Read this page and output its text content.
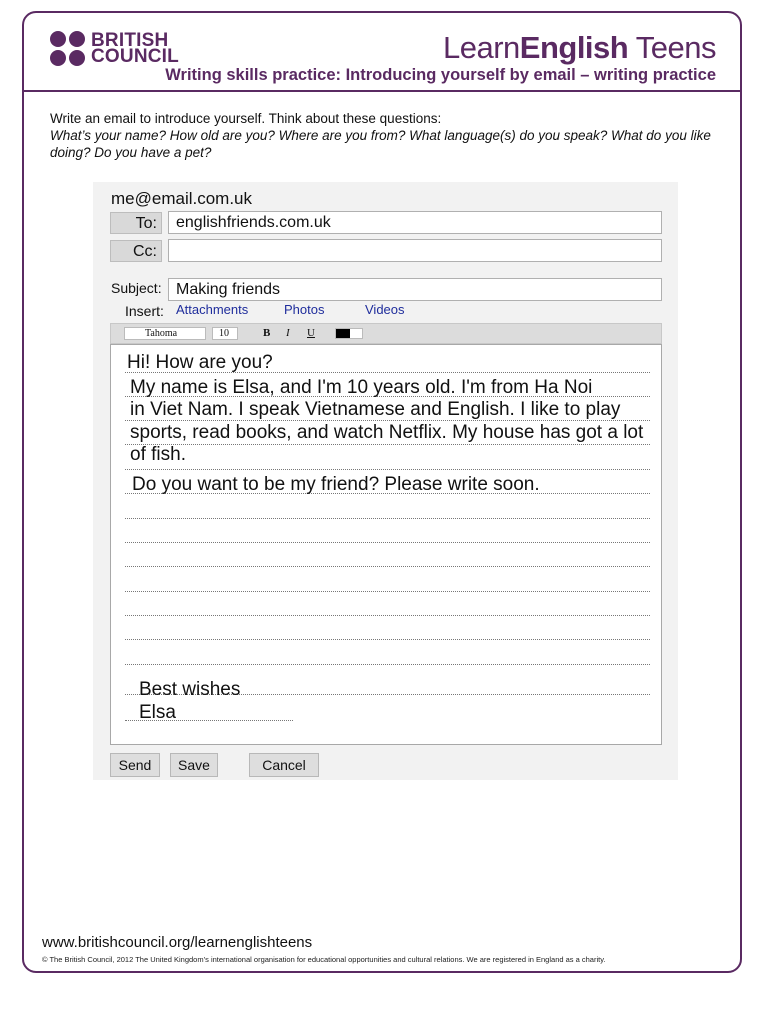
BRITISH
COUNCIL	LearnEnglish Teens
Writing skills practice: Introducing yourself by email – writing practice
Write an email to introduce yourself. Think about these questions:
What’s your name? How old are you? Where are you from? What language(s) do you speak? What do you like doing? Do you have a pet?
me@email.com.uk
To:	englishfriends.com.uk
Cc:
Subject: Making friends
Insert: Attachments	Photos	Videos
Tahoma	10	B I U
Hi! How are you?
My name is Elsa, and I'm 10 years old. I'm from Ha Noi
in Viet Nam. I speak Vietnamese and English. I like to play
sports, read books, and watch Netflix. My house has got a lot
of fish.
Do you want to be my friend? Please write soon.
Best wishes
Elsa
Send	Save	Cancel
www.britishcouncil.org/learnenglishteens
© The British Council, 2012 The United Kingdom’s international organisation for educational opportunities and cultural relations. We are registered in England as a charity.
